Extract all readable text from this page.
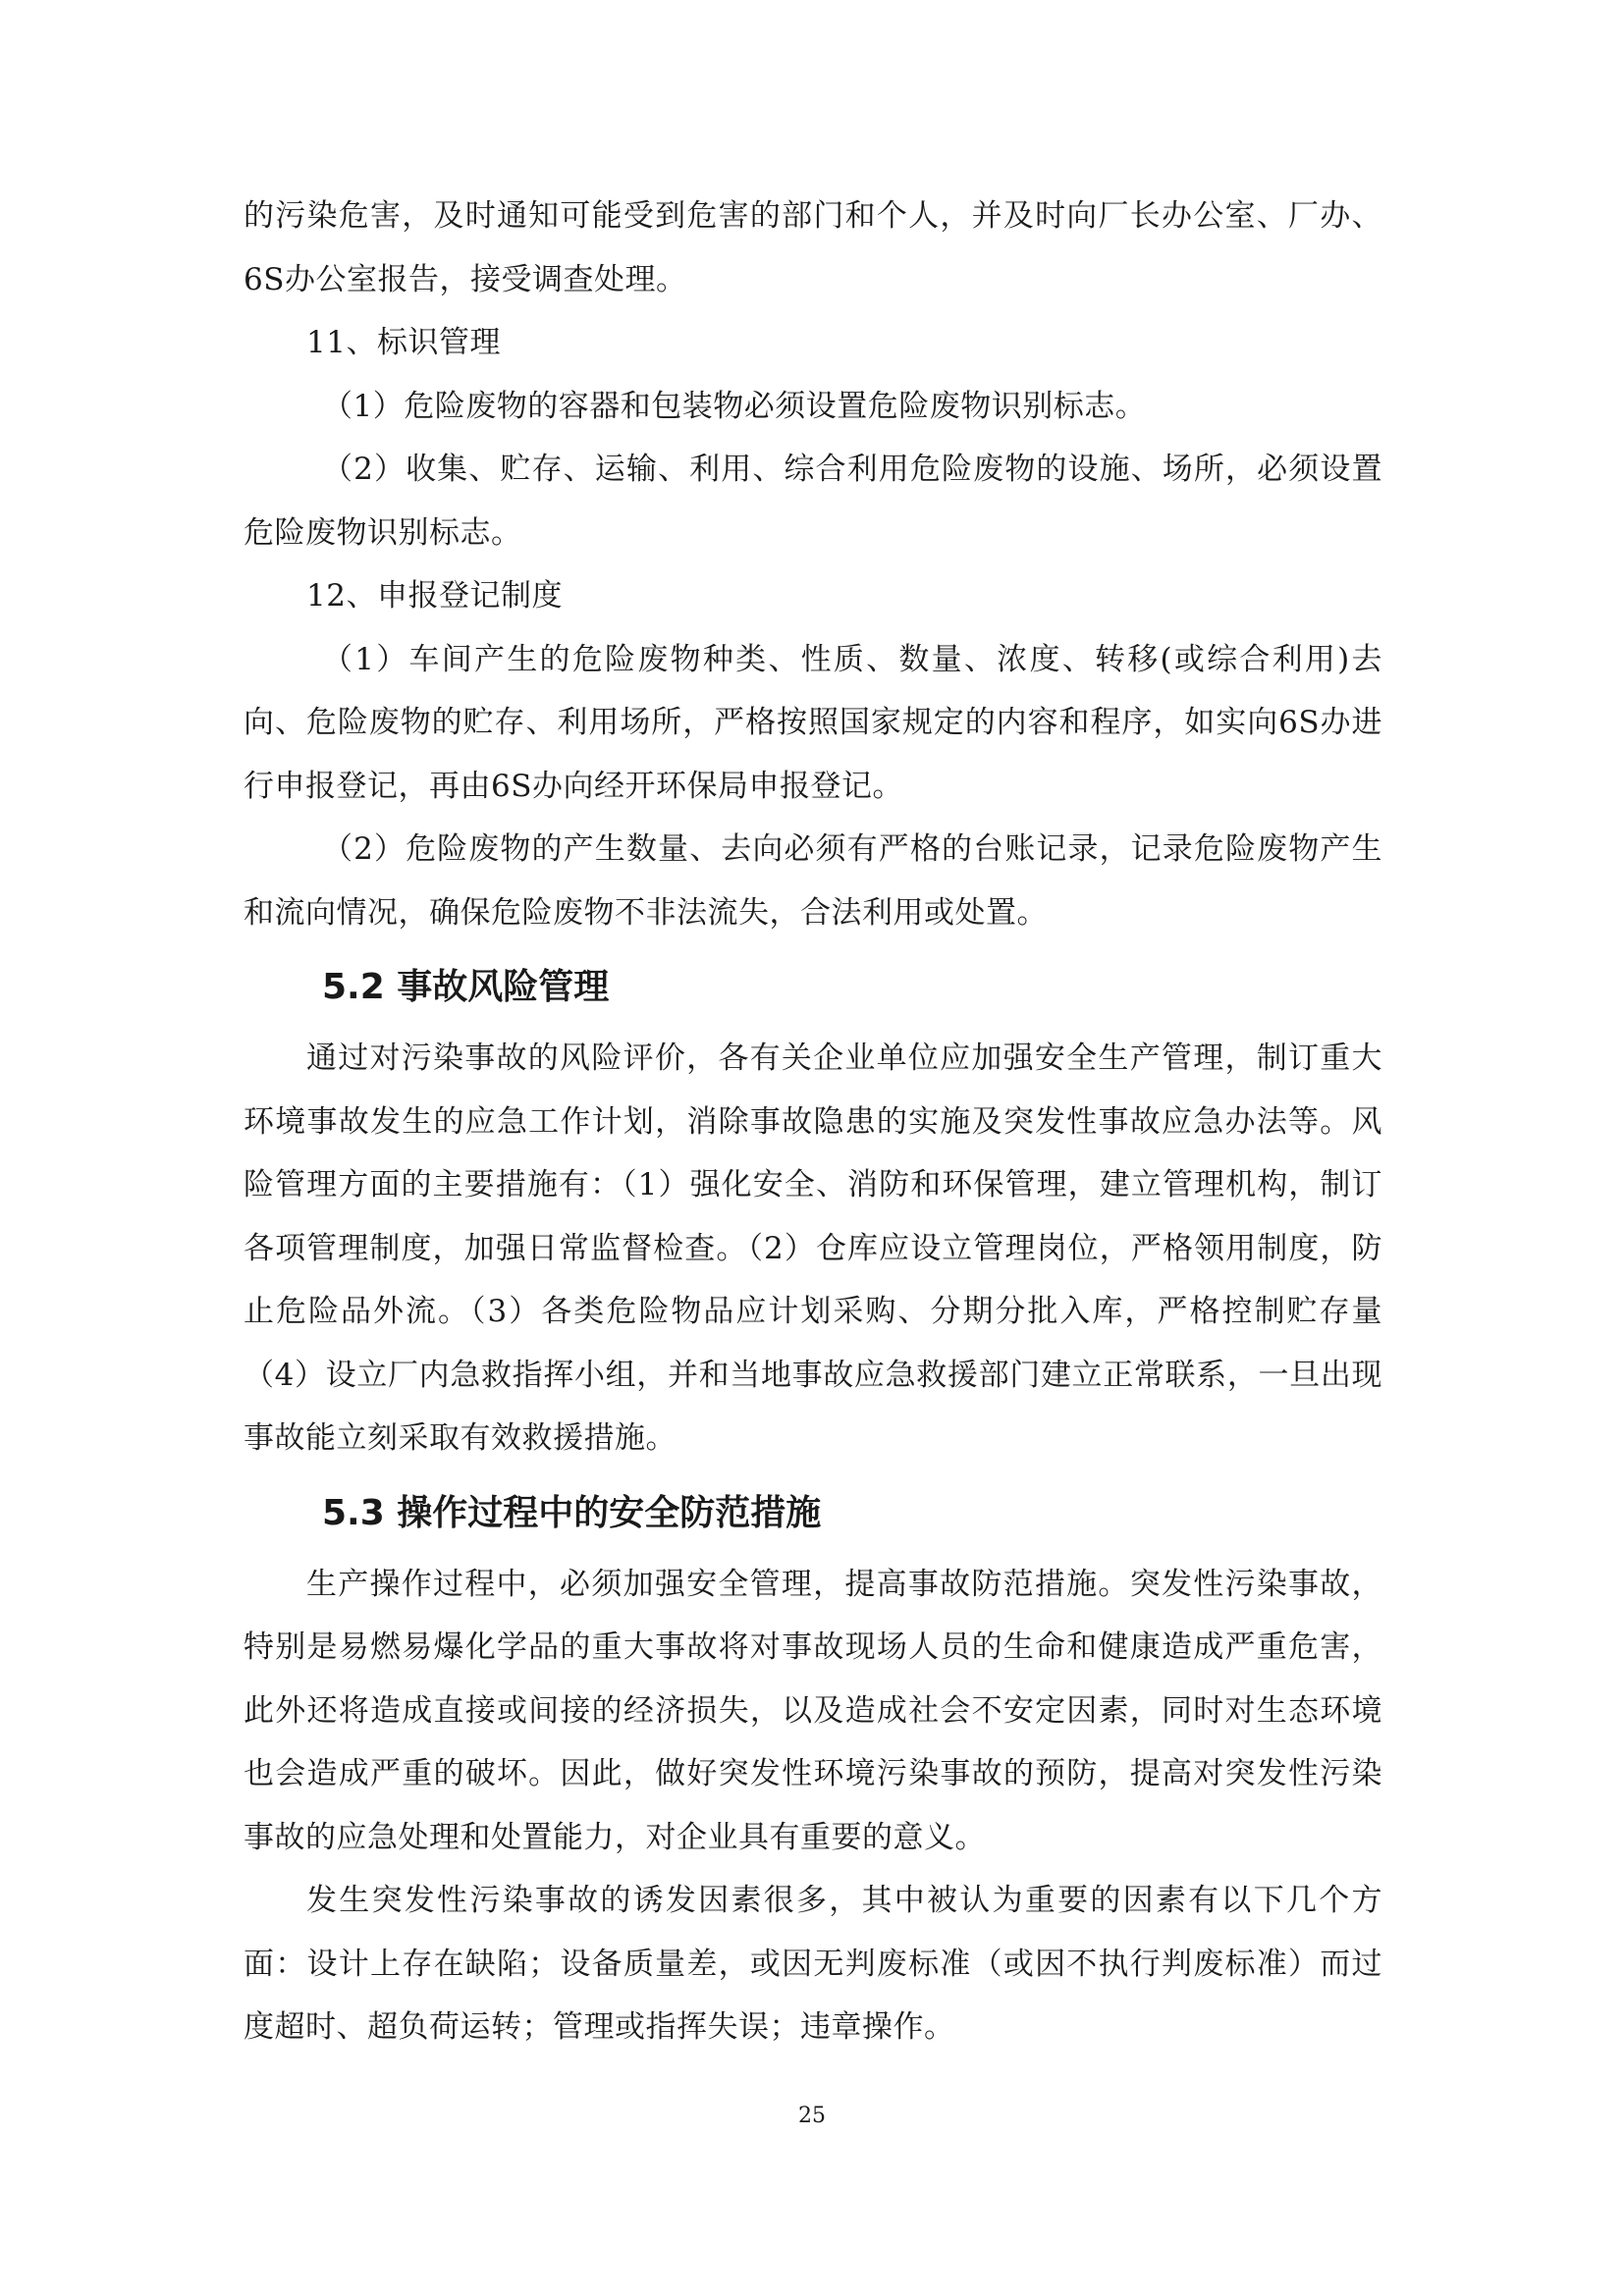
的污染危害，及时通知可能受到危害的部门和个人，并及时向厂长办公室、厂办、6S办公室报告，接受调查处理。

11、标识管理

（1）危险废物的容器和包装物必须设置危险废物识别标志。

（2）收集、贮存、运输、利用、综合利用危险废物的设施、场所，必须设置危险废物识别标志。

12、申报登记制度

（1）车间产生的危险废物种类、性质、数量、浓度、转移(或综合利用)去向、危险废物的贮存、利用场所，严格按照国家规定的内容和程序，如实向6S办进行申报登记，再由6S办向经开环保局申报登记。

（2）危险废物的产生数量、去向必须有严格的台账记录，记录危险废物产生和流向情况，确保危险废物不非法流失，合法利用或处置。

5.2 事故风险管理

通过对污染事故的风险评价，各有关企业单位应加强安全生产管理，制订重大环境事故发生的应急工作计划，消除事故隐患的实施及突发性事故应急办法等。风险管理方面的主要措施有：（1）强化安全、消防和环保管理，建立管理机构，制订各项管理制度，加强日常监督检查。（2）仓库应设立管理岗位，严格领用制度，防止危险品外流。（3）各类危险物品应计划采购、分期分批入库，严格控制贮存量（4）设立厂内急救指挥小组，并和当地事故应急救援部门建立正常联系，一旦出现事故能立刻采取有效救援措施。

5.3 操作过程中的安全防范措施

生产操作过程中，必须加强安全管理，提高事故防范措施。突发性污染事故，特别是易燃易爆化学品的重大事故将对事故现场人员的生命和健康造成严重危害，此外还将造成直接或间接的经济损失，以及造成社会不安定因素，同时对生态环境也会造成严重的破坏。因此，做好突发性环境污染事故的预防，提高对突发性污染事故的应急处理和处置能力，对企业具有重要的意义。

发生突发性污染事故的诱发因素很多，其中被认为重要的因素有以下几个方面：设计上存在缺陷；设备质量差，或因无判废标准（或因不执行判废标准）而过度超时、超负荷运转；管理或指挥失误；违章操作。

25
